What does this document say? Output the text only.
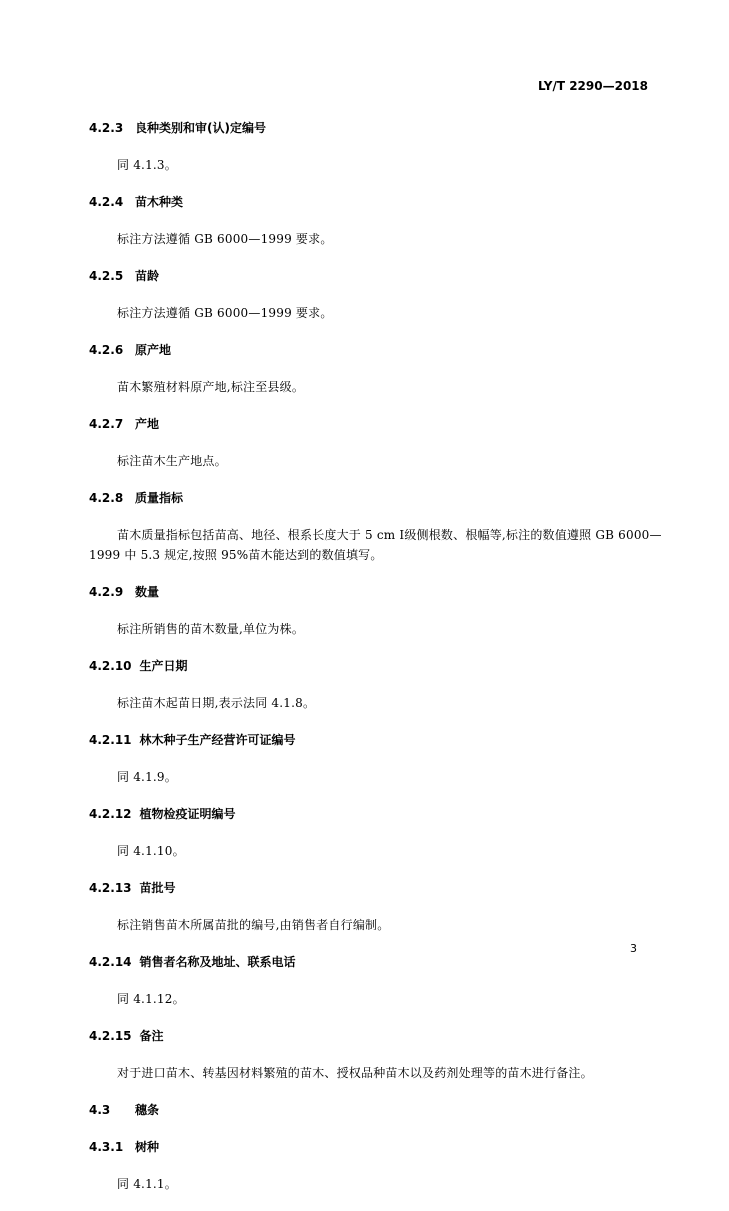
LY/T 2290—2018
4.2.3 良种类别和审(认)定编号
同 4.1.3。
4.2.4 苗木种类
标注方法遵循 GB 6000—1999 要求。
4.2.5 苗龄
标注方法遵循 GB 6000—1999 要求。
4.2.6 原产地
苗木繁殖材料原产地,标注至县级。
4.2.7 产地
标注苗木生产地点。
4.2.8 质量指标
苗木质量指标包括苗高、地径、根系长度大于 5 cm Ⅰ级侧根数、根幅等,标注的数值遵照 GB 6000—1999 中 5.3 规定,按照 95%苗木能达到的数值填写。
4.2.9 数量
标注所销售的苗木数量,单位为株。
4.2.10 生产日期
标注苗木起苗日期,表示法同 4.1.8。
4.2.11 林木种子生产经营许可证编号
同 4.1.9。
4.2.12 植物检疫证明编号
同 4.1.10。
4.2.13 苗批号
标注销售苗木所属苗批的编号,由销售者自行编制。
4.2.14 销售者名称及地址、联系电话
同 4.1.12。
4.2.15 备注
对于进口苗木、转基因材料繁殖的苗木、授权品种苗木以及药剂处理等的苗木进行备注。
4.3 穗条
4.3.1 树种
同 4.1.1。
3
